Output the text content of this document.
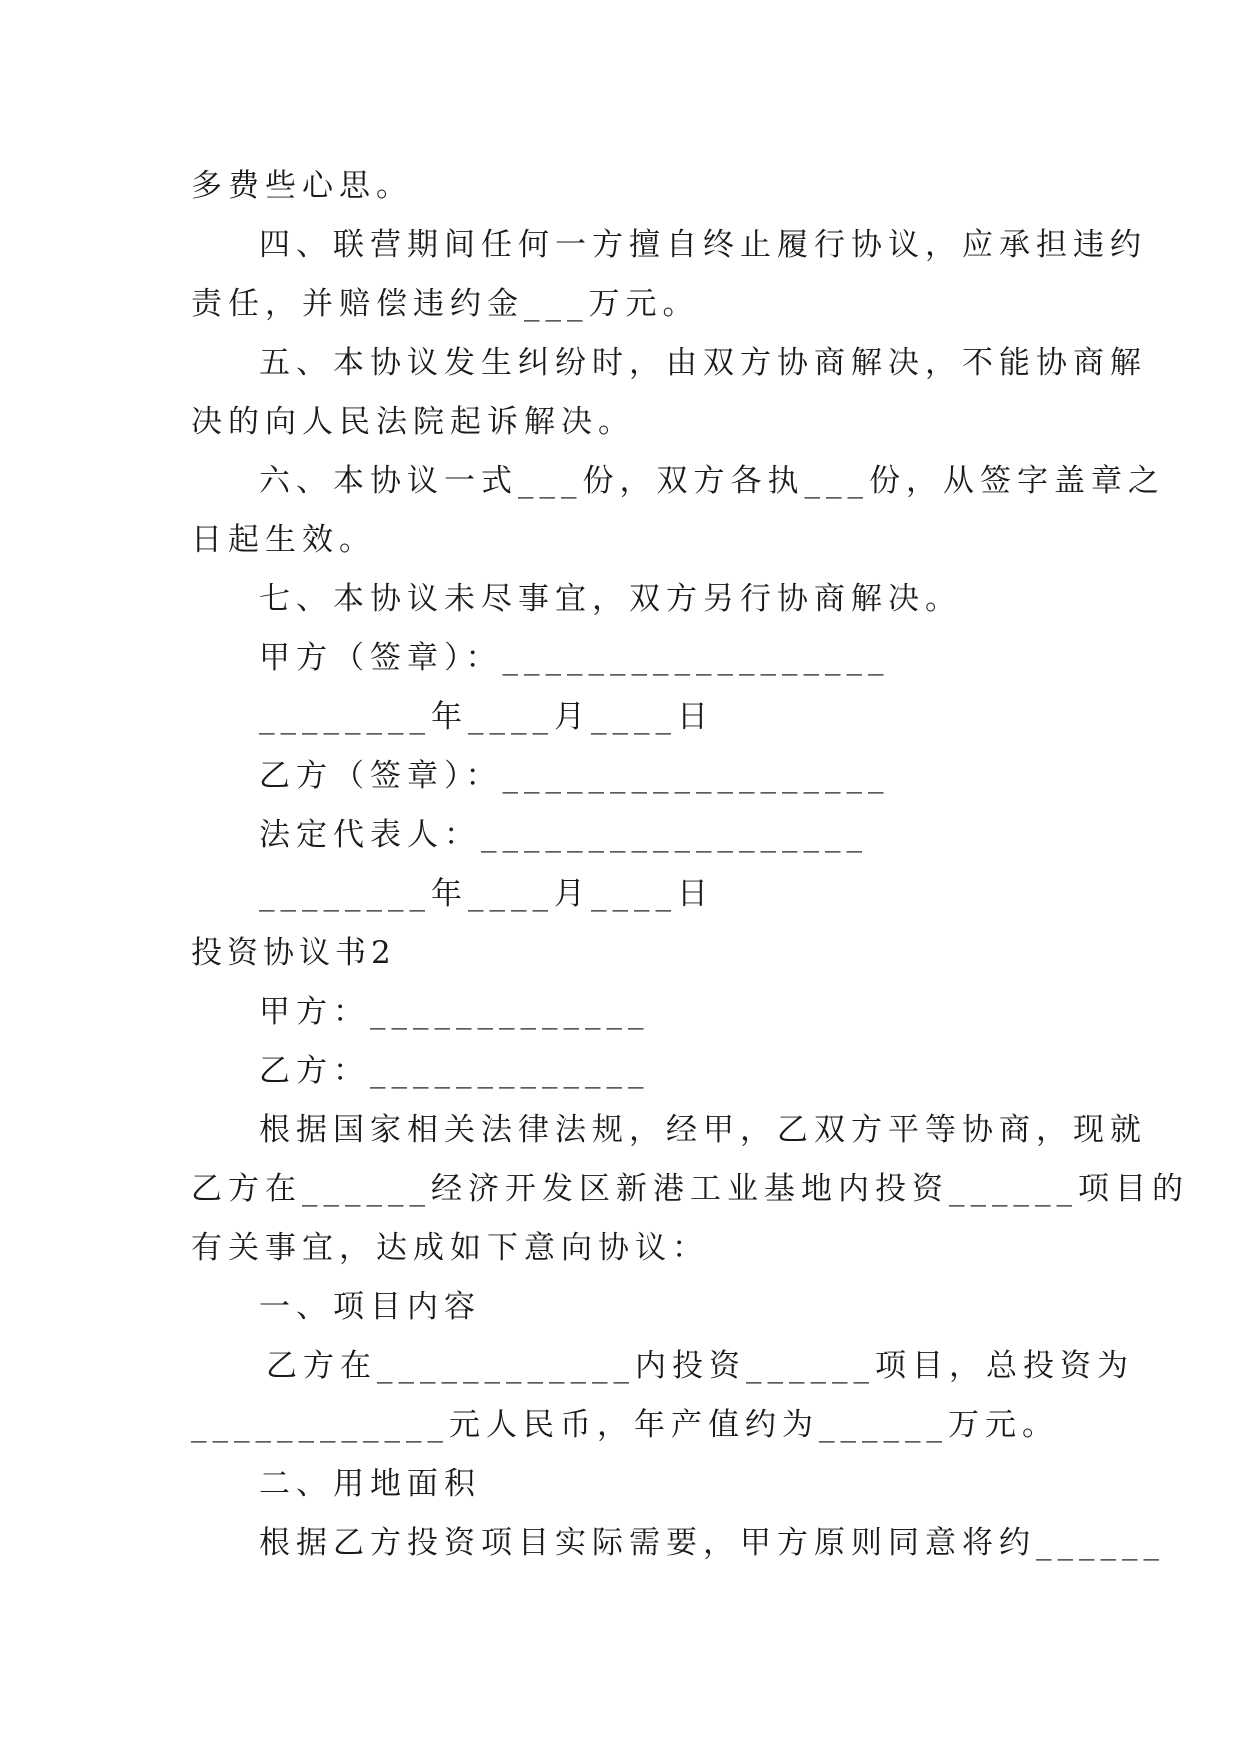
多费些心思。
四、联营期间任何一方擅自终止履行协议，应承担违约
责任，并赔偿违约金___万元。
五、本协议发生纠纷时，由双方协商解决，不能协商解
决的向人民法院起诉解决。
六、本协议一式___份，双方各执___份，从签字盖章之
日起生效。
七、本协议未尽事宜，双方另行协商解决。
甲方（签章）：__________________
________年____月____日
乙方（签章）：__________________
法定代表人：__________________
________年____月____日
投资协议书2
甲方：_____________
乙方：_____________
根据国家相关法律法规，经甲，乙双方平等协商，现就
乙方在______经济开发区新港工业基地内投资______项目的
有关事宜，达成如下意向协议：
一、项目内容
乙方在____________内投资______项目，总投资为
____________元人民币，年产值约为______万元。
二、用地面积
根据乙方投资项目实际需要，甲方原则同意将约______
